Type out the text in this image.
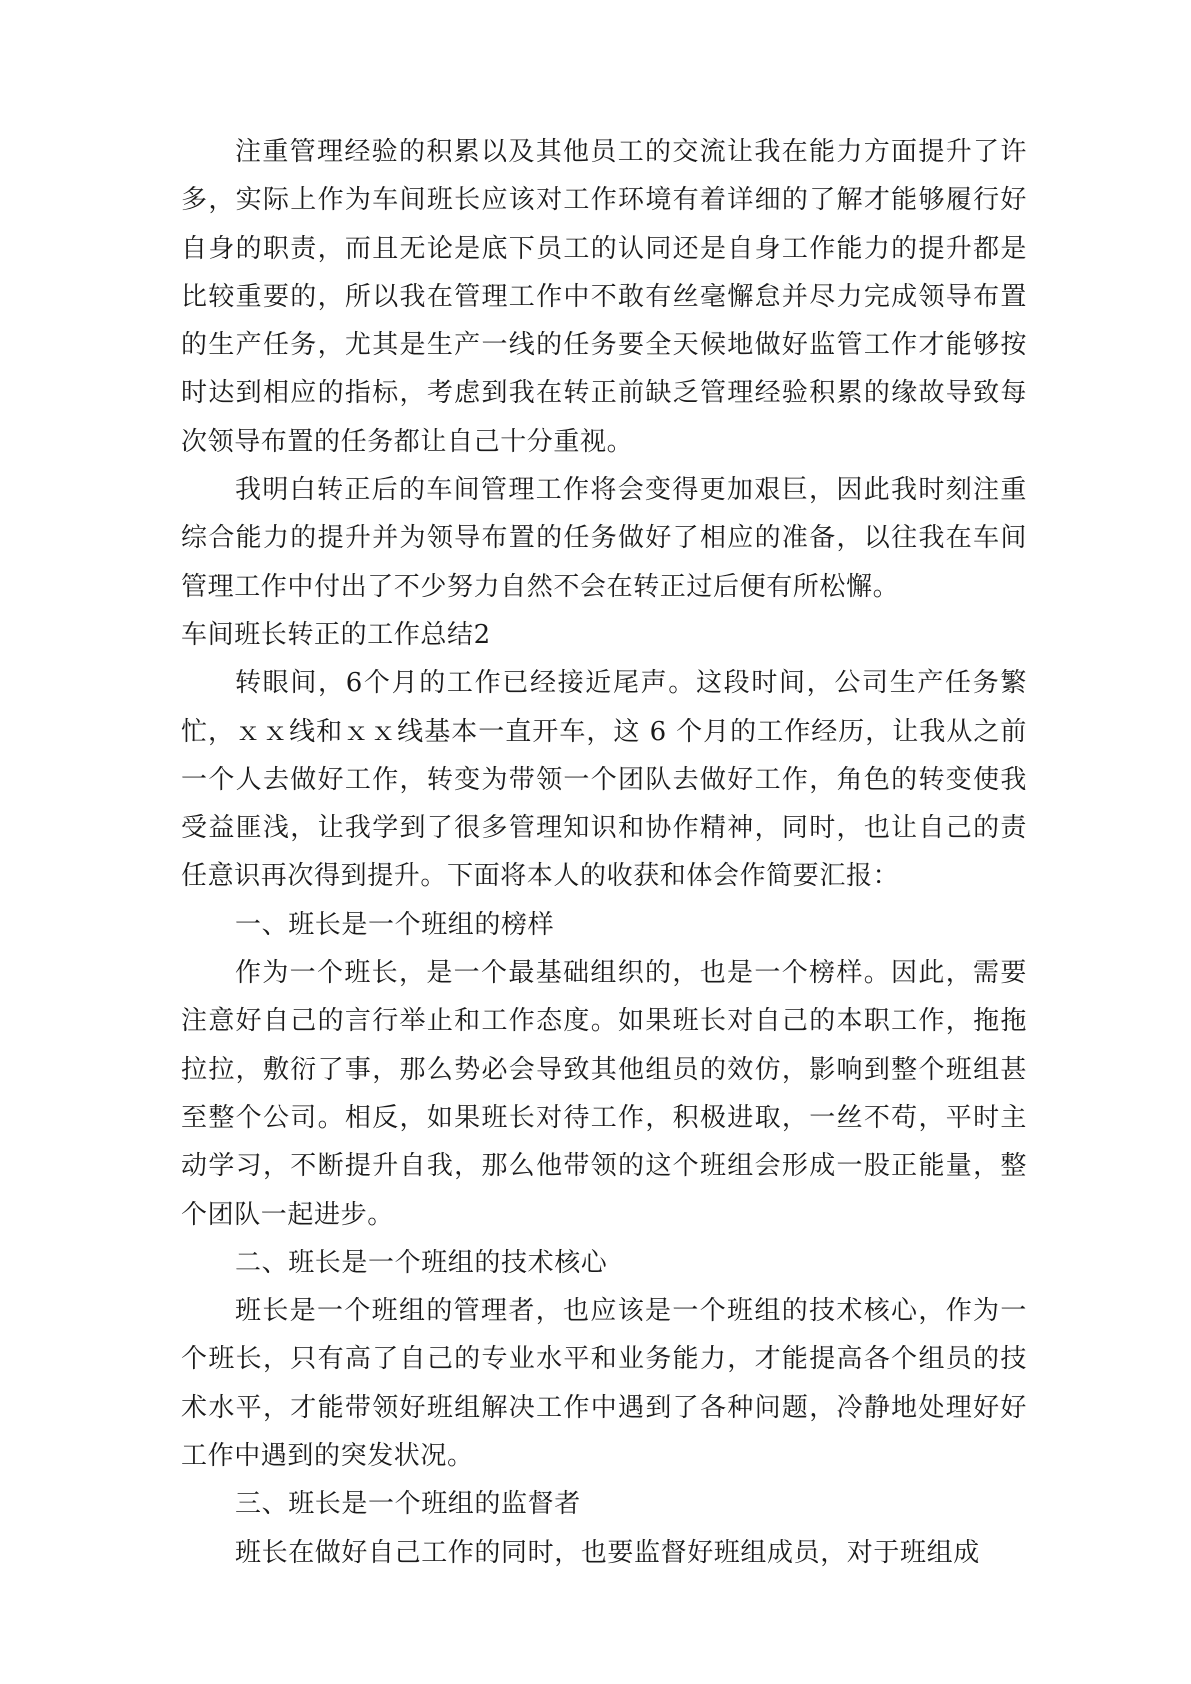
注重管理经验的积累以及其他员工的交流让我在能力方面提升了许多，实际上作为车间班长应该对工作环境有着详细的了解才能够履行好自身的职责，而且无论是底下员工的认同还是自身工作能力的提升都是比较重要的，所以我在管理工作中不敢有丝毫懈怠并尽力完成领导布置的生产任务，尤其是生产一线的任务要全天候地做好监管工作才能够按时达到相应的指标，考虑到我在转正前缺乏管理经验积累的缘故导致每次领导布置的任务都让自己十分重视。

我明白转正后的车间管理工作将会变得更加艰巨，因此我时刻注重综合能力的提升并为领导布置的任务做好了相应的准备，以往我在车间管理工作中付出了不少努力自然不会在转正过后便有所松懈。

车间班长转正的工作总结2

转眼间，6个月的工作已经接近尾声。这段时间，公司生产任务繁忙，ｘｘ线和ｘｘ线基本一直开车，这 6 个月的工作经历，让我从之前一个人去做好工作，转变为带领一个团队去做好工作，角色的转变使我受益匪浅，让我学到了很多管理知识和协作精神，同时，也让自己的责任意识再次得到提升。下面将本人的收获和体会作简要汇报：

一、班长是一个班组的榜样

作为一个班长，是一个最基础组织的，也是一个榜样。因此，需要注意好自己的言行举止和工作态度。如果班长对自己的本职工作，拖拖拉拉，敷衍了事，那么势必会导致其他组员的效仿，影响到整个班组甚至整个公司。相反，如果班长对待工作，积极进取，一丝不苟，平时主动学习，不断提升自我，那么他带领的这个班组会形成一股正能量，整个团队一起进步。

二、班长是一个班组的技术核心

班长是一个班组的管理者，也应该是一个班组的技术核心，作为一个班长，只有高了自己的专业水平和业务能力，才能提高各个组员的技术水平，才能带领好班组解决工作中遇到了各种问题，冷静地处理好好工作中遇到的突发状况。

三、班长是一个班组的监督者

班长在做好自己工作的同时，也要监督好班组成员，对于班组成
